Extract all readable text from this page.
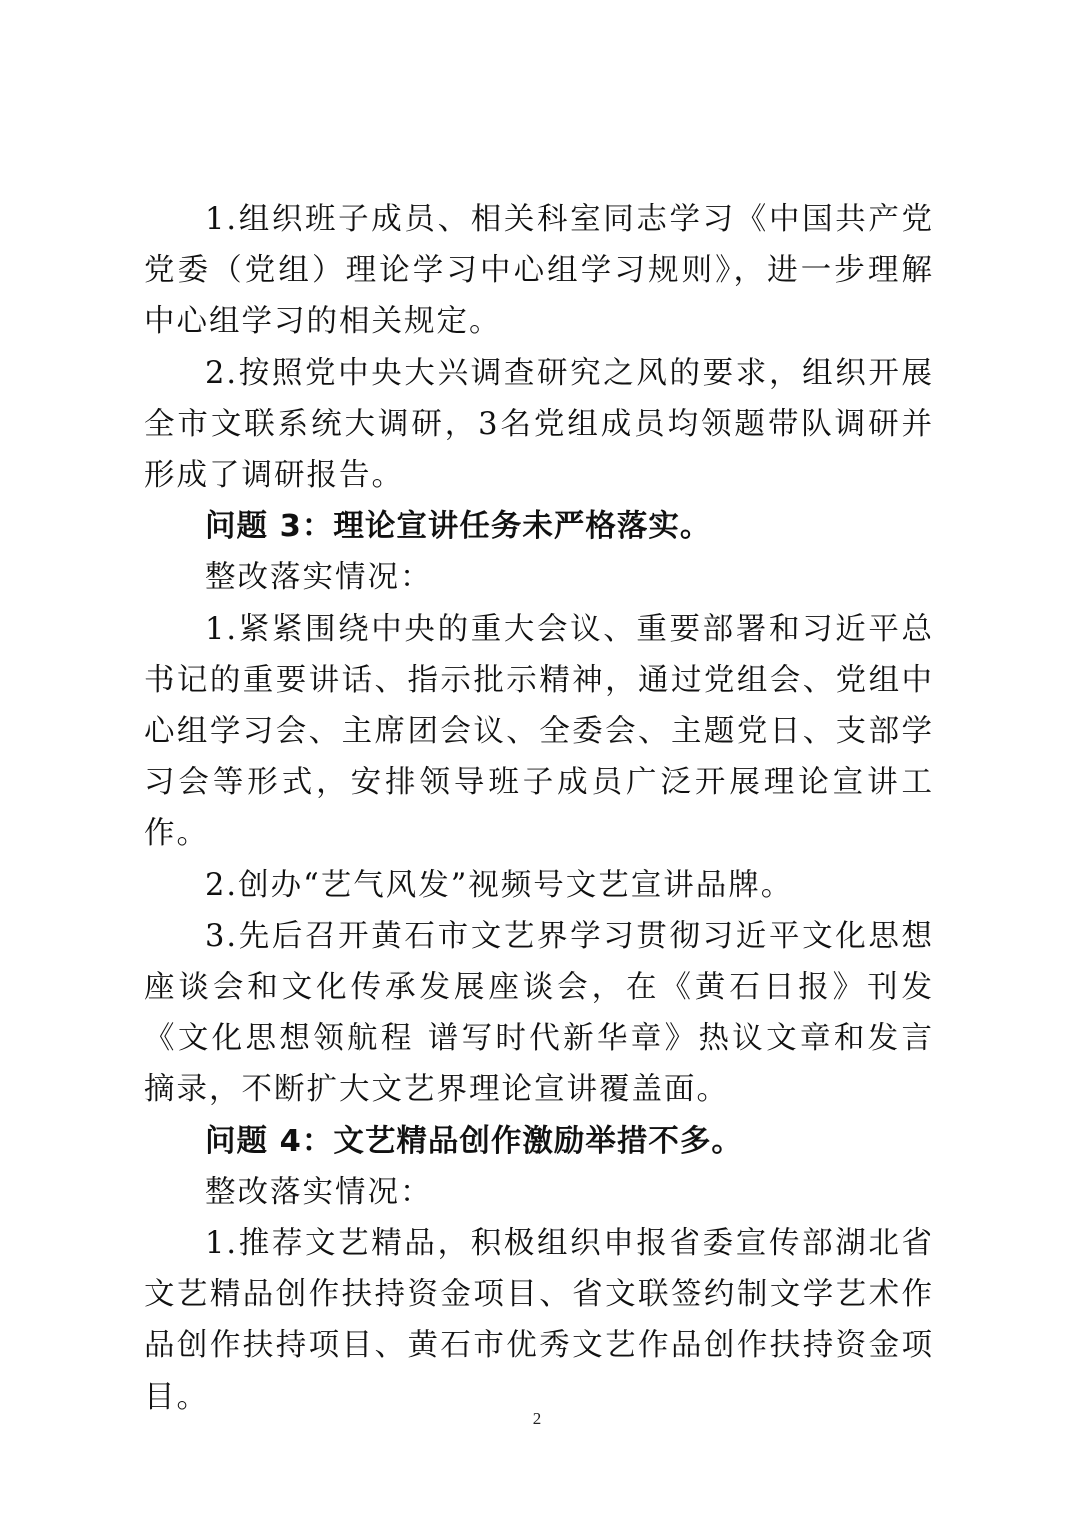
1.组织班子成员、相关科室同志学习《中国共产党党委（党组）理论学习中心组学习规则》，进一步理解中心组学习的相关规定。

2.按照党中央大兴调查研究之风的要求，组织开展全市文联系统大调研，3名党组成员均领题带队调研并形成了调研报告。

问题 3：理论宣讲任务未严格落实。

整改落实情况：

1.紧紧围绕中央的重大会议、重要部署和习近平总书记的重要讲话、指示批示精神，通过党组会、党组中心组学习会、主席团会议、全委会、主题党日、支部学习会等形式，安排领导班子成员广泛开展理论宣讲工作。

2.创办“艺气风发”视频号文艺宣讲品牌。

3.先后召开黄石市文艺界学习贯彻习近平文化思想座谈会和文化传承发展座谈会，在《黄石日报》刊发《文化思想领航程 谱写时代新华章》热议文章和发言摘录，不断扩大文艺界理论宣讲覆盖面。

问题 4：文艺精品创作激励举措不多。

整改落实情况：

1.推荐文艺精品，积极组织申报省委宣传部湖北省文艺精品创作扶持资金项目、省文联签约制文学艺术作品创作扶持项目、黄石市优秀文艺作品创作扶持资金项目。

2
